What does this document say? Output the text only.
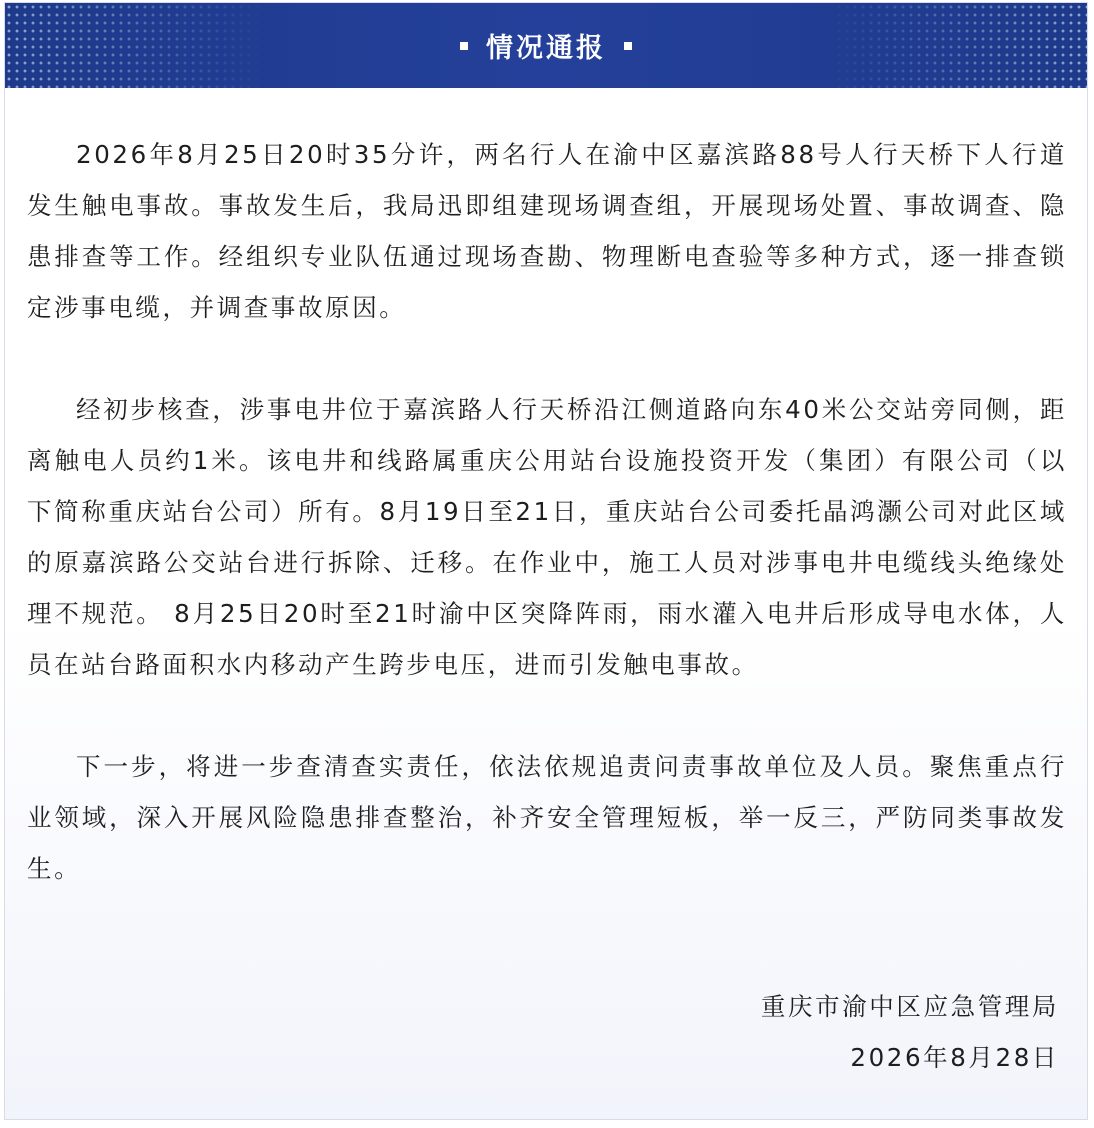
情况通报

2026年8月25日20时35分许，两名行人在渝中区嘉滨路88号人行天桥下人行道发生触电事故。事故发生后，我局迅即组建现场调查组，开展现场处置、事故调查、隐患排查等工作。经组织专业队伍通过现场查勘、物理断电查验等多种方式，逐一排查锁定涉事电缆，并调查事故原因。

经初步核查，涉事电井位于嘉滨路人行天桥沿江侧道路向东40米公交站旁同侧，距离触电人员约1米。该电井和线路属重庆公用站台设施投资开发（集团）有限公司（以下简称重庆站台公司）所有。8月19日至21日，重庆站台公司委托晶鸿灏公司对此区域的原嘉滨路公交站台进行拆除、迁移。在作业中，施工人员对涉事电井电缆线头绝缘处理不规范。 8月25日20时至21时渝中区突降阵雨，雨水灌入电井后形成导电水体，人员在站台路面积水内移动产生跨步电压，进而引发触电事故。

下一步，将进一步查清查实责任，依法依规追责问责事故单位及人员。聚焦重点行业领域，深入开展风险隐患排查整治，补齐安全管理短板，举一反三，严防同类事故发生。

重庆市渝中区应急管理局
2026年8月28日
